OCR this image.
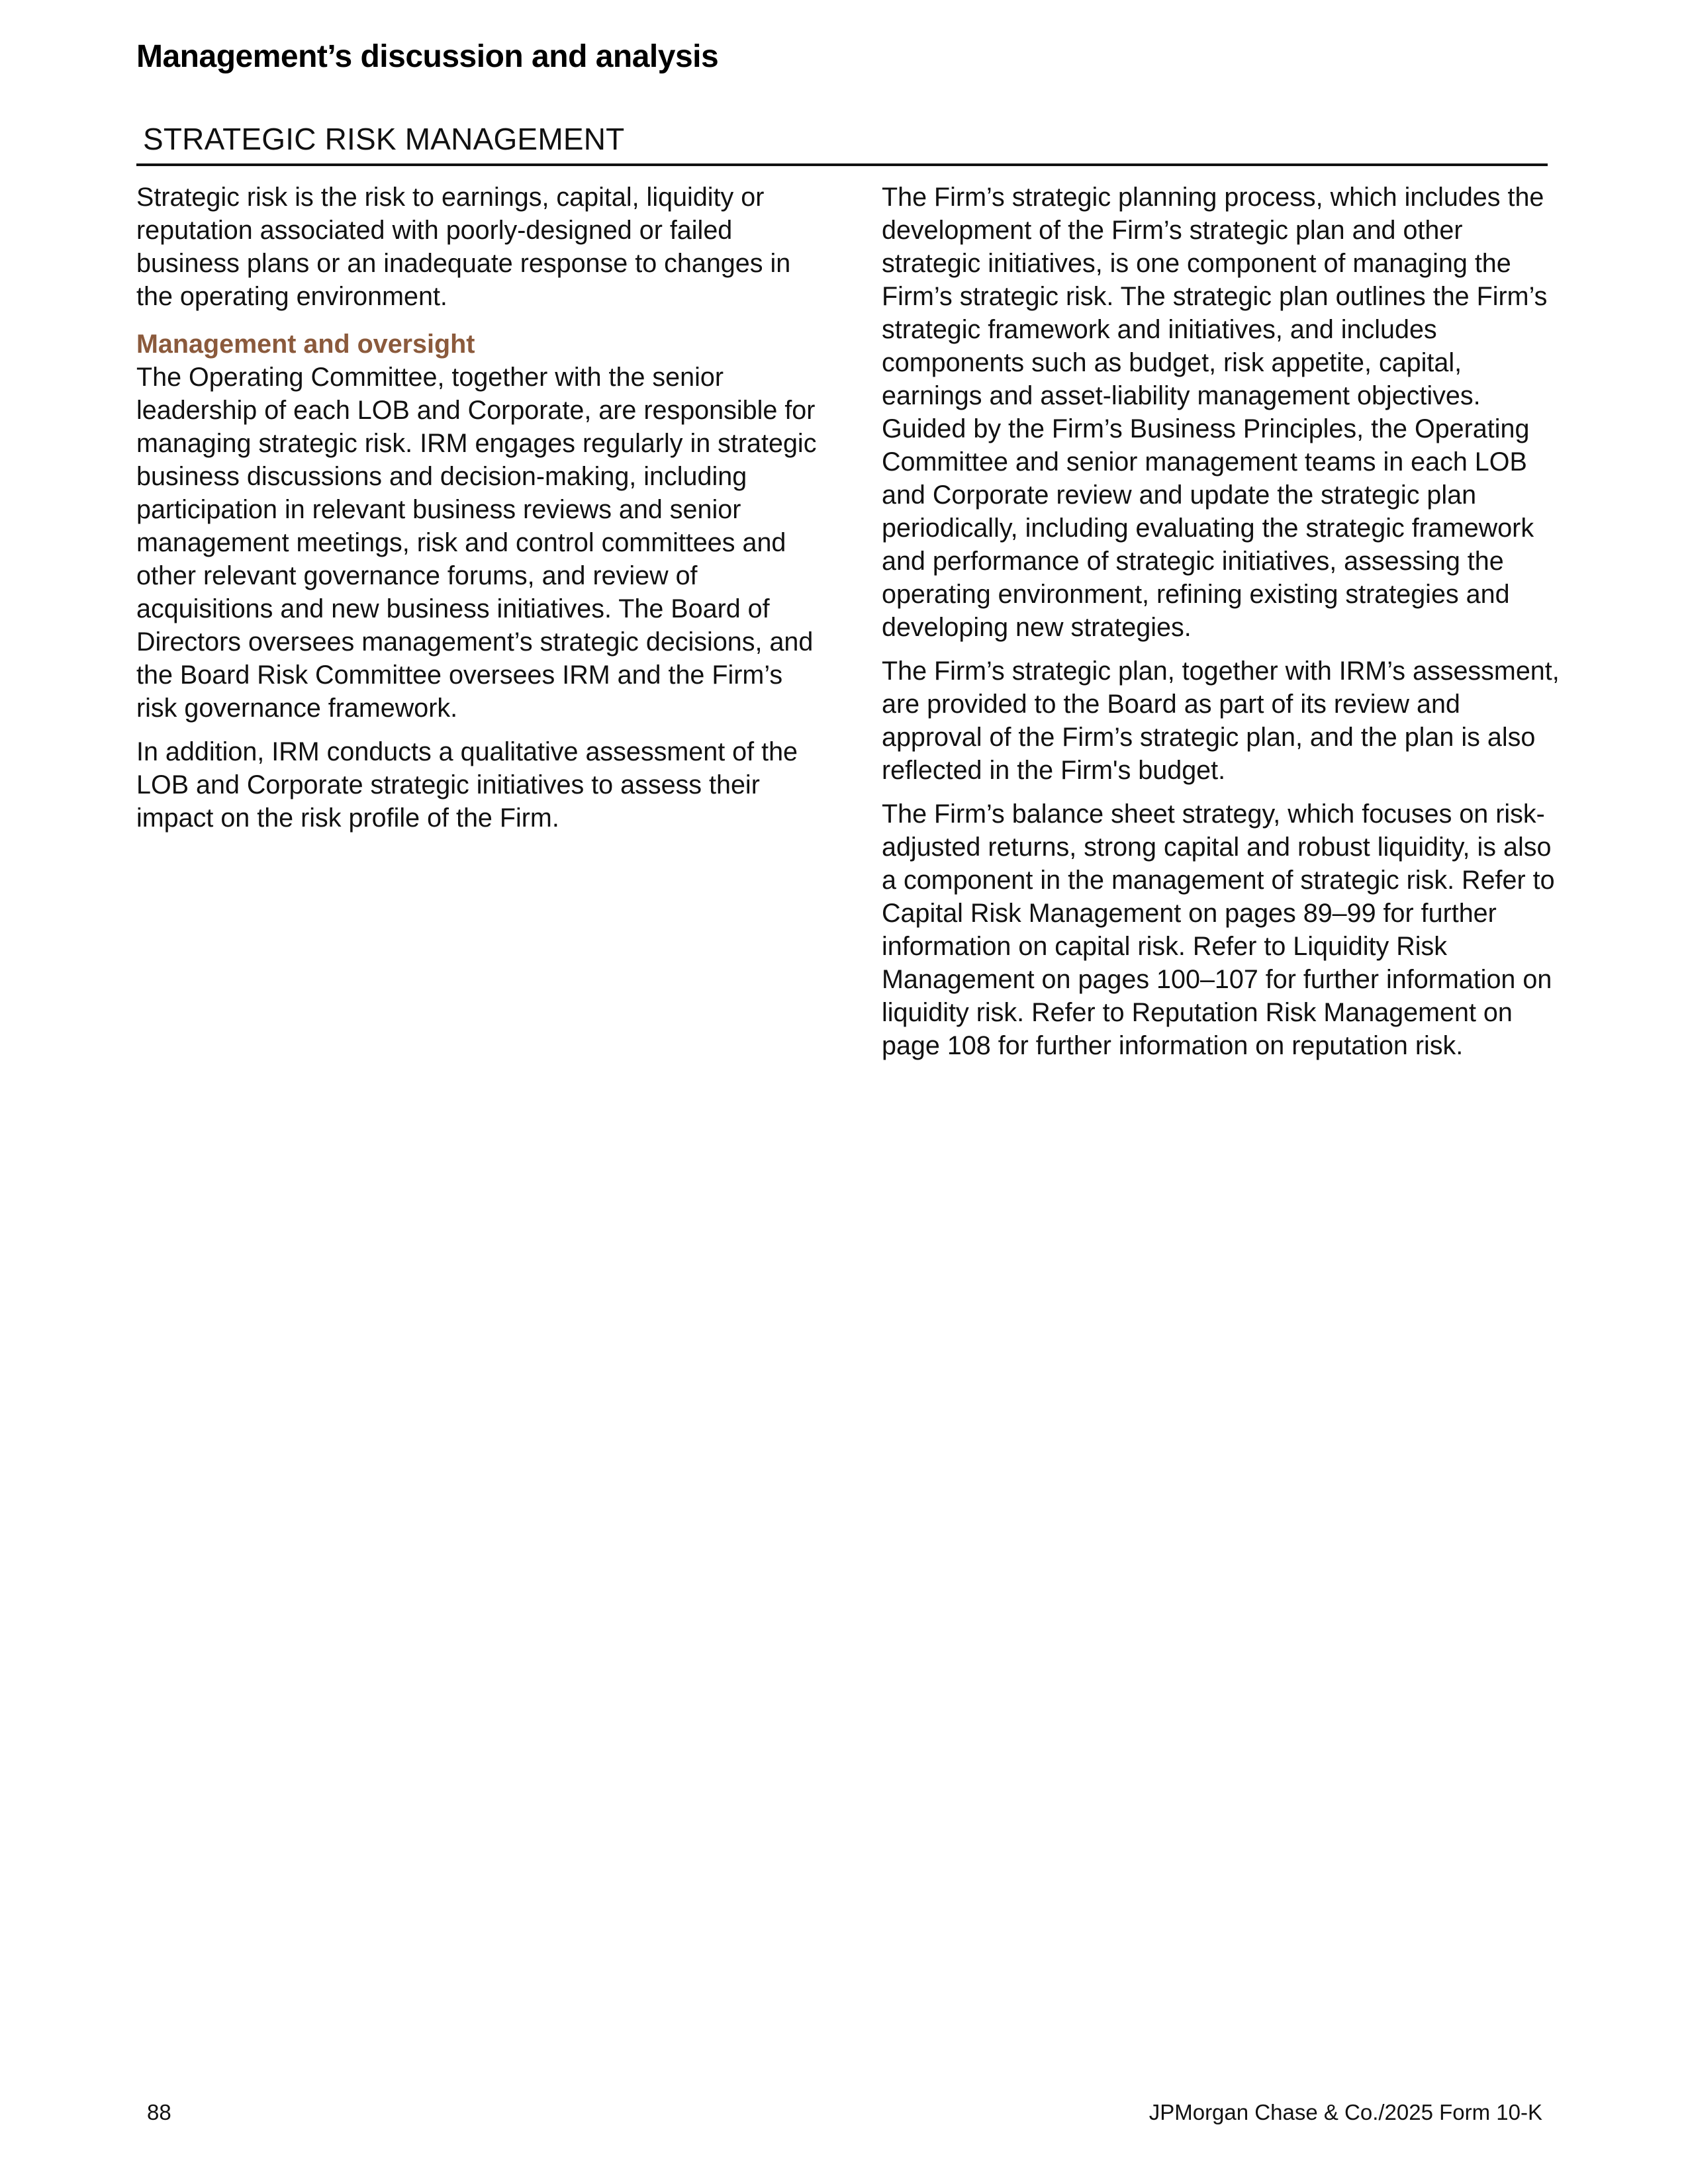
Management’s discussion and analysis
STRATEGIC RISK MANAGEMENT

Strategic risk is the risk to earnings, capital, liquidity or reputation associated with poorly-designed or failed business plans or an inadequate response to changes in the operating environment.

Management and oversight

The Operating Committee, together with the senior leadership of each LOB and Corporate, are responsible for managing strategic risk. IRM engages regularly in strategic business discussions and decision-making, including participation in relevant business reviews and senior management meetings, risk and control committees and other relevant governance forums, and review of acquisitions and new business initiatives. The Board of Directors oversees management’s strategic decisions, and the Board Risk Committee oversees IRM and the Firm’s risk governance framework.

In addition, IRM conducts a qualitative assessment of the LOB and Corporate strategic initiatives to assess their impact on the risk profile of the Firm.

The Firm’s strategic planning process, which includes the development of the Firm’s strategic plan and other strategic initiatives, is one component of managing the Firm’s strategic risk. The strategic plan outlines the Firm’s strategic framework and initiatives, and includes components such as budget, risk appetite, capital, earnings and asset-liability management objectives. Guided by the Firm’s Business Principles, the Operating Committee and senior management teams in each LOB and Corporate review and update the strategic plan periodically, including evaluating the strategic framework and performance of strategic initiatives, assessing the operating environment, refining existing strategies and developing new strategies.

The Firm’s strategic plan, together with IRM’s assessment, are provided to the Board as part of its review and approval of the Firm’s strategic plan, and the plan is also reflected in the Firm's budget.

The Firm’s balance sheet strategy, which focuses on risk-adjusted returns, strong capital and robust liquidity, is also a component in the management of strategic risk. Refer to Capital Risk Management on pages 89–99 for further information on capital risk. Refer to Liquidity Risk Management on pages 100–107 for further information on liquidity risk. Refer to Reputation Risk Management on page 108 for further information on reputation risk.

88	JPMorgan Chase & Co./2025 Form 10-K
